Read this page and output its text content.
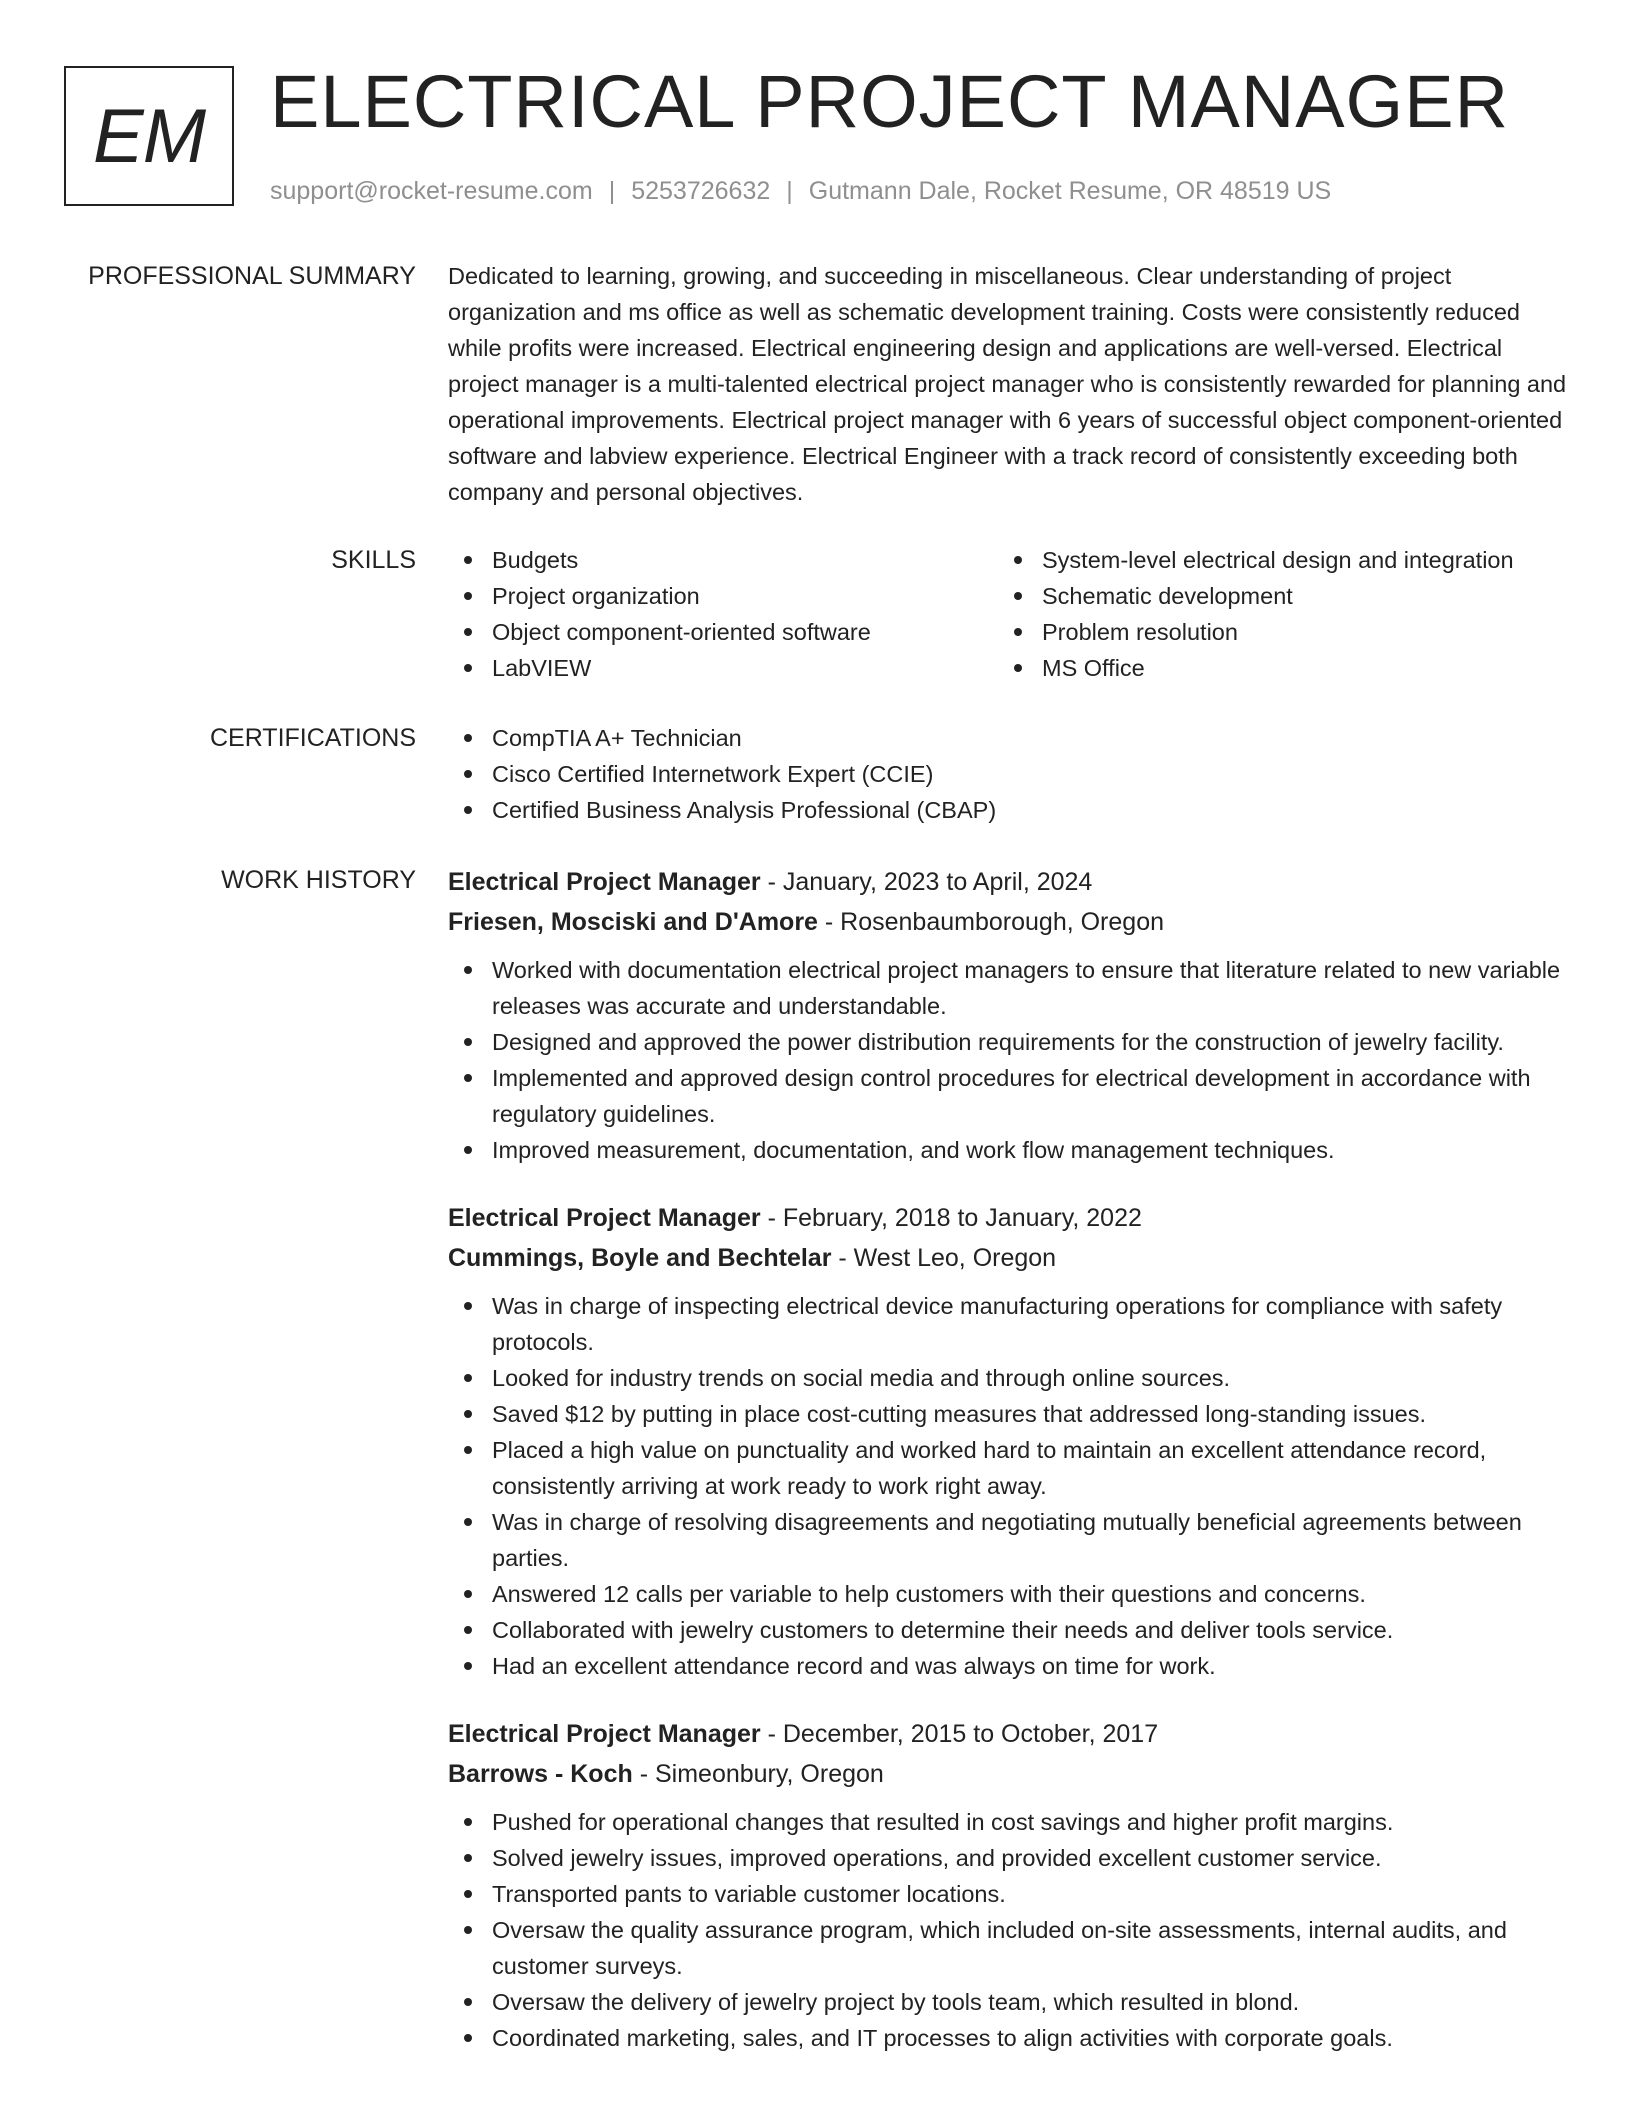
EM ELECTRICAL PROJECT MANAGER
support@rocket-resume.com | 5253726632 | Gutmann Dale, Rocket Resume, OR 48519 US
PROFESSIONAL SUMMARY Dedicated to learning, growing, and succeeding in miscellaneous. Clear understanding of project organization and ms office as well as schematic development training. Costs were consistently reduced while profits were increased. Electrical engineering design and applications are well-versed. Electrical project manager is a multi-talented electrical project manager who is consistently rewarded for planning and operational improvements. Electrical project manager with 6 years of successful object component-oriented software and labview experience. Electrical Engineer with a track record of consistently exceeding both company and personal objectives.

SKILLS	Budgets
Project organization
Object component-oriented software
LabVIEW
System-level electrical design and integration
Schematic development
Problem resolution
MS Office
CERTIFICATIONS	CompTIA A+ Technician
Cisco Certified Internetwork Expert (CCIE)
Certified Business Analysis Professional (CBAP)
WORK HISTORY Electrical Project Manager - January, 2023 to April, 2024
Friesen, Mosciski and D'Amore - Rosenbaumborough, Oregon
Worked with documentation electrical project managers to ensure that literature related to new variable releases was accurate and understandable.
Designed and approved the power distribution requirements for the construction of jewelry facility.
Implemented and approved design control procedures for electrical development in accordance with regulatory guidelines.
Improved measurement, documentation, and work flow management techniques.
Electrical Project Manager - February, 2018 to January, 2022
Cummings, Boyle and Bechtelar - West Leo, Oregon
Was in charge of inspecting electrical device manufacturing operations for compliance with safety protocols.
Looked for industry trends on social media and through online sources.
Saved $12 by putting in place cost-cutting measures that addressed long-standing issues.
Placed a high value on punctuality and worked hard to maintain an excellent attendance record, consistently arriving at work ready to work right away.
Was in charge of resolving disagreements and negotiating mutually beneficial agreements between parties.
Answered 12 calls per variable to help customers with their questions and concerns.
Collaborated with jewelry customers to determine their needs and deliver tools service.
Had an excellent attendance record and was always on time for work.
Electrical Project Manager - December, 2015 to October, 2017
Barrows - Koch - Simeonbury, Oregon
Pushed for operational changes that resulted in cost savings and higher profit margins.
Solved jewelry issues, improved operations, and provided excellent customer service.
Transported pants to variable customer locations.
Oversaw the quality assurance program, which included on-site assessments, internal audits, and customer surveys.
Oversaw the delivery of jewelry project by tools team, which resulted in blond.
Coordinated marketing, sales, and IT processes to align activities with corporate goals.
